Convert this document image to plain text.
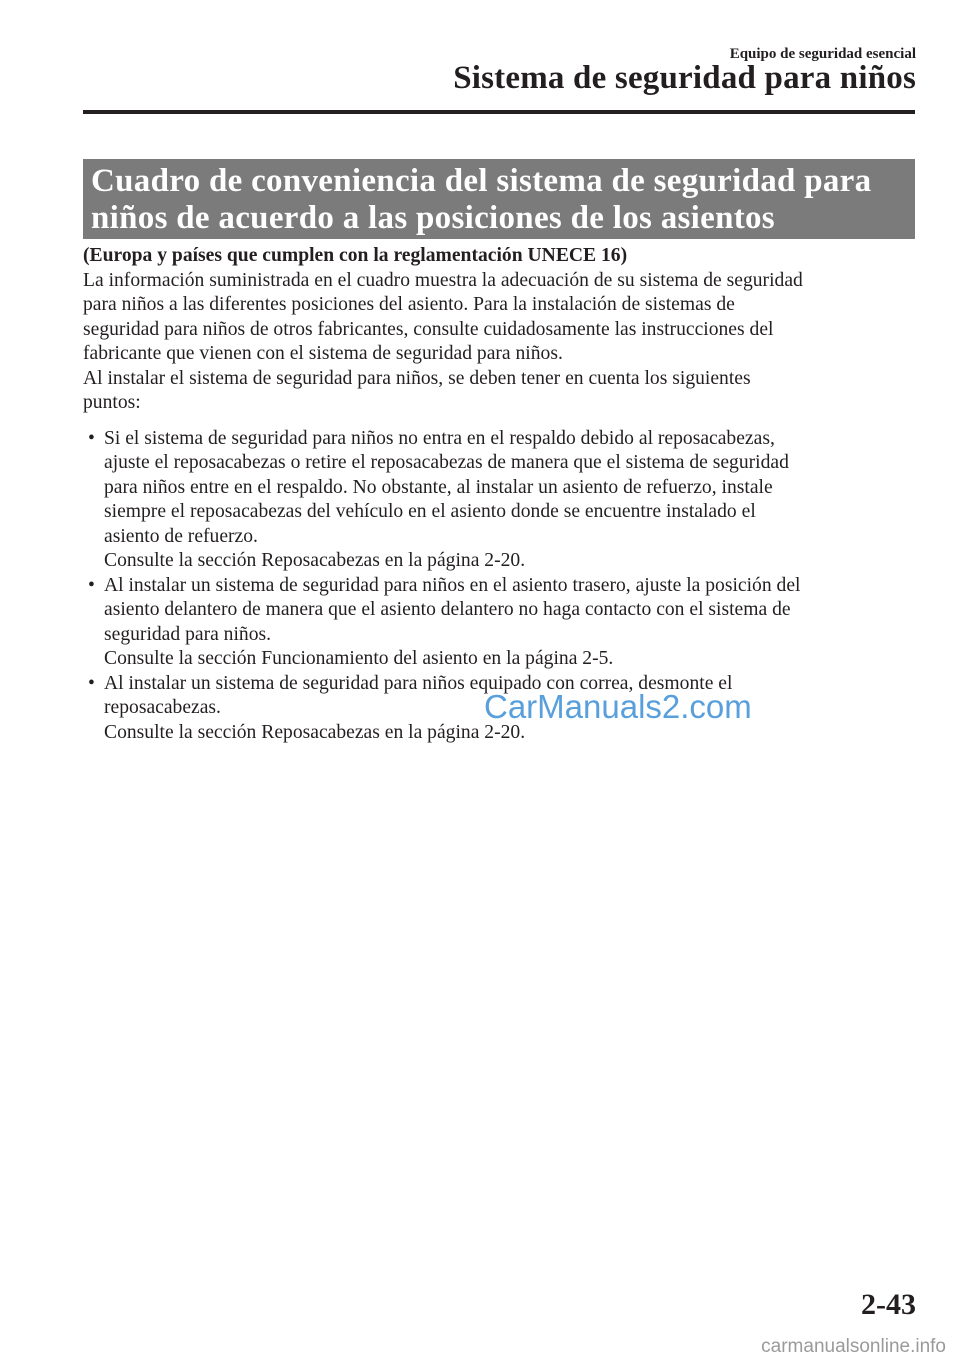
Equipo de seguridad esencial
Sistema de seguridad para niños
Cuadro de conveniencia del sistema de seguridad para
niños de acuerdo a las posiciones de los asientos
(Europa y países que cumplen con la reglamentación UNECE 16)
La información suministrada en el cuadro muestra la adecuación de su sistema de seguridad
para niños a las diferentes posiciones del asiento. Para la instalación de sistemas de
seguridad para niños de otros fabricantes, consulte cuidadosamente las instrucciones del
fabricante que vienen con el sistema de seguridad para niños.
Al instalar el sistema de seguridad para niños, se deben tener en cuenta los siguientes
puntos:
• Si el sistema de seguridad para niños no entra en el respaldo debido al reposacabezas,
ajuste el reposacabezas o retire el reposacabezas de manera que el sistema de seguridad
para niños entre en el respaldo. No obstante, al instalar un asiento de refuerzo, instale
siempre el reposacabezas del vehículo en el asiento donde se encuentre instalado el
asiento de refuerzo.
Consulte la sección Reposacabezas en la página 2-20.
• Al instalar un sistema de seguridad para niños en el asiento trasero, ajuste la posición del
asiento delantero de manera que el asiento delantero no haga contacto con el sistema de
seguridad para niños.
Consulte la sección Funcionamiento del asiento en la página 2-5.
• Al instalar un sistema de seguridad para niños equipado con correa, desmonte el
reposacabezas.
Consulte la sección Reposacabezas en la página 2-20.
CarManuals2.com
2-43
carmanualsonline.info
